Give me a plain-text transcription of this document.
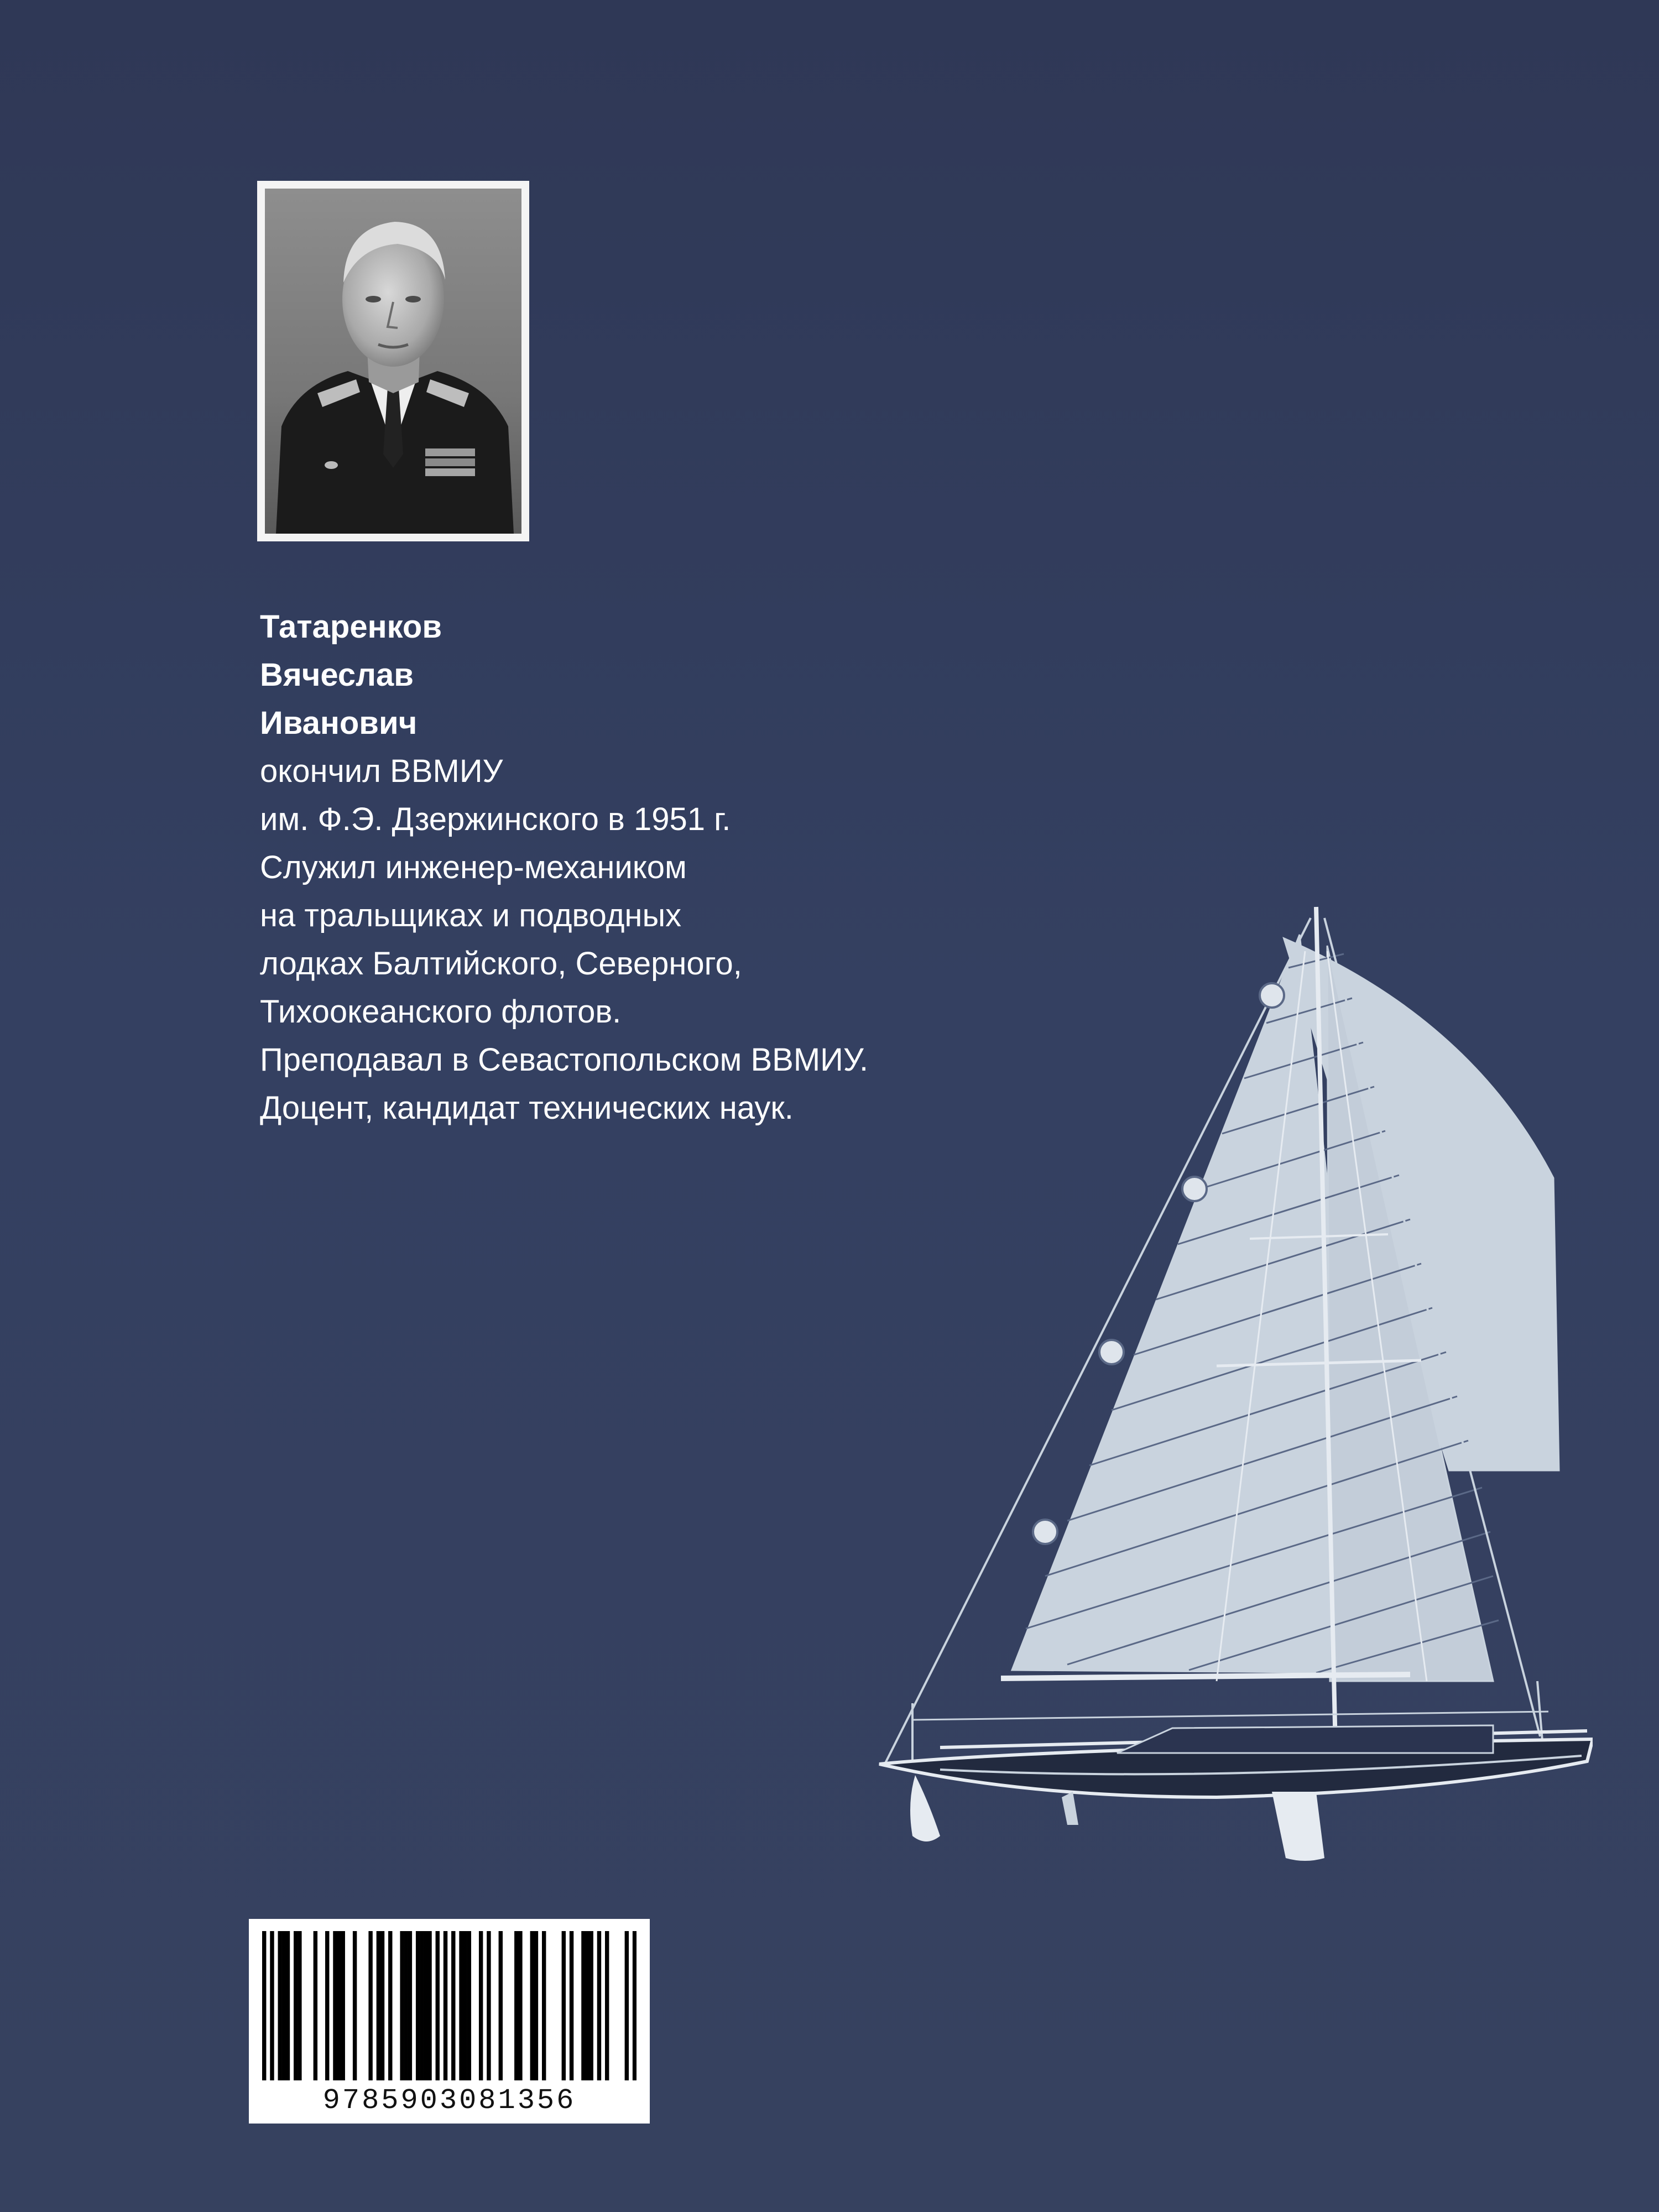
Татаренков
Вячеслав
Иванович
окончил ВВМИУ
им. Ф.Э. Дзержинского в 1951 г.
Служил инженер-механиком
на тральщиках и подводных
лодках Балтийского, Северного,
Тихоокеанского флотов.
Преподавал в Севастопольском ВВМИУ.
Доцент, кандидат технических наук.
9785903081356
